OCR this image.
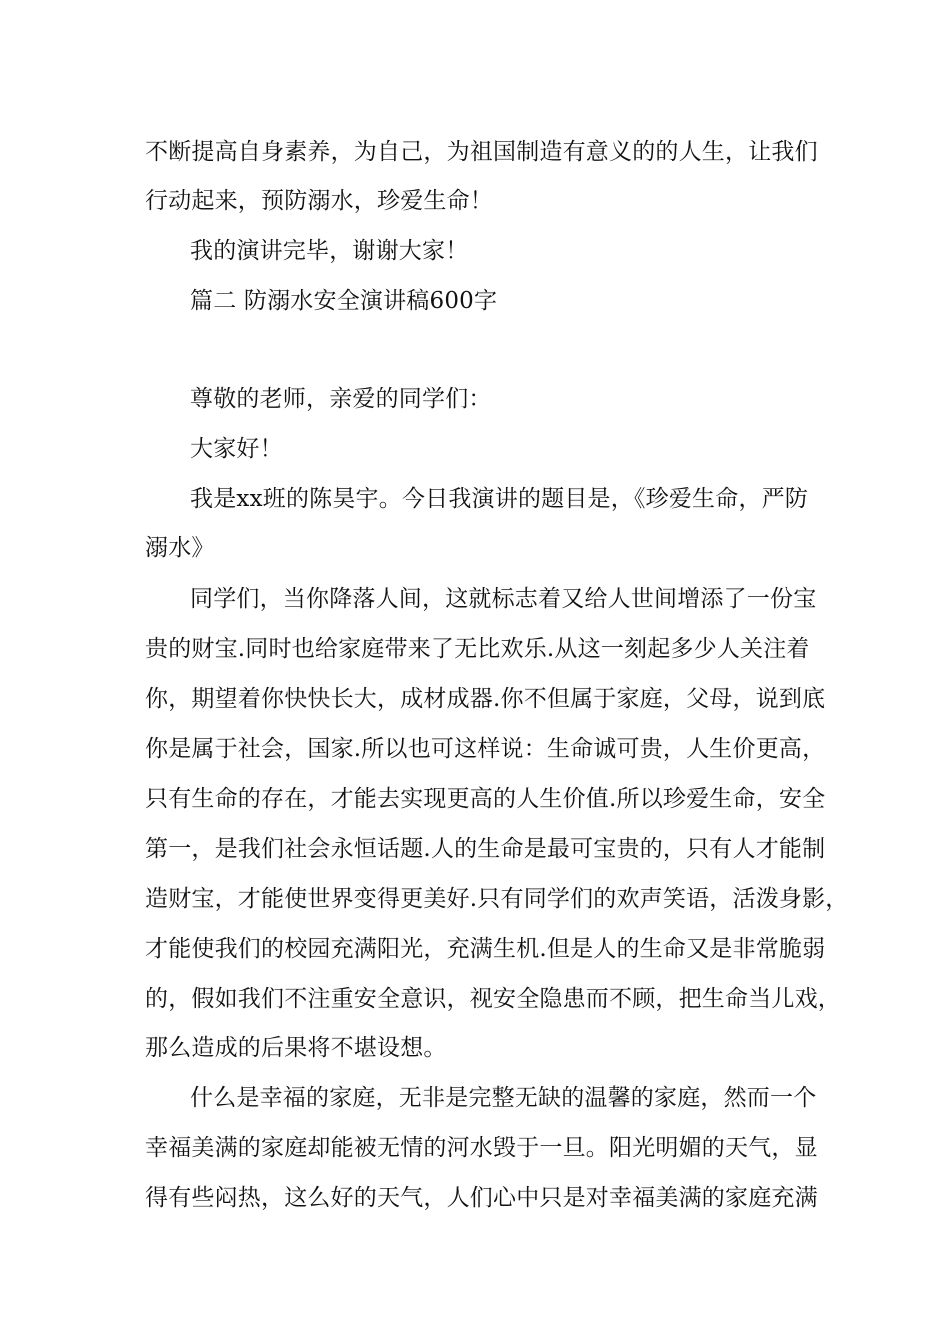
不断提高自身素养，为自己，为祖国制造有意义的的人生，让我们
行动起来，预防溺水，珍爱生命！
我的演讲完毕，谢谢大家！
篇二 防溺水安全演讲稿600字
尊敬的老师，亲爱的同学们：
大家好！
我是xx班的陈昊宇。今日我演讲的题目是，《珍爱生命，严防
溺水》
同学们，当你降落人间，这就标志着又给人世间增添了一份宝
贵的财宝.同时也给家庭带来了无比欢乐.从这一刻起多少人关注着
你，期望着你快快长大，成材成器.你不但属于家庭，父母，说到底
你是属于社会，国家.所以也可这样说：生命诚可贵，人生价更高，
只有生命的存在，才能去实现更高的人生价值.所以珍爱生命，安全
第一，是我们社会永恒话题.人的生命是最可宝贵的，只有人才能制
造财宝，才能使世界变得更美好.只有同学们的欢声笑语，活泼身影，
才能使我们的校园充满阳光，充满生机.但是人的生命又是非常脆弱
的，假如我们不注重安全意识，视安全隐患而不顾，把生命当儿戏，
那么造成的后果将不堪设想。
什么是幸福的家庭，无非是完整无缺的温馨的家庭，然而一个
幸福美满的家庭却能被无情的河水毁于一旦。阳光明媚的天气，显
得有些闷热，这么好的天气，人们心中只是对幸福美满的家庭充满
